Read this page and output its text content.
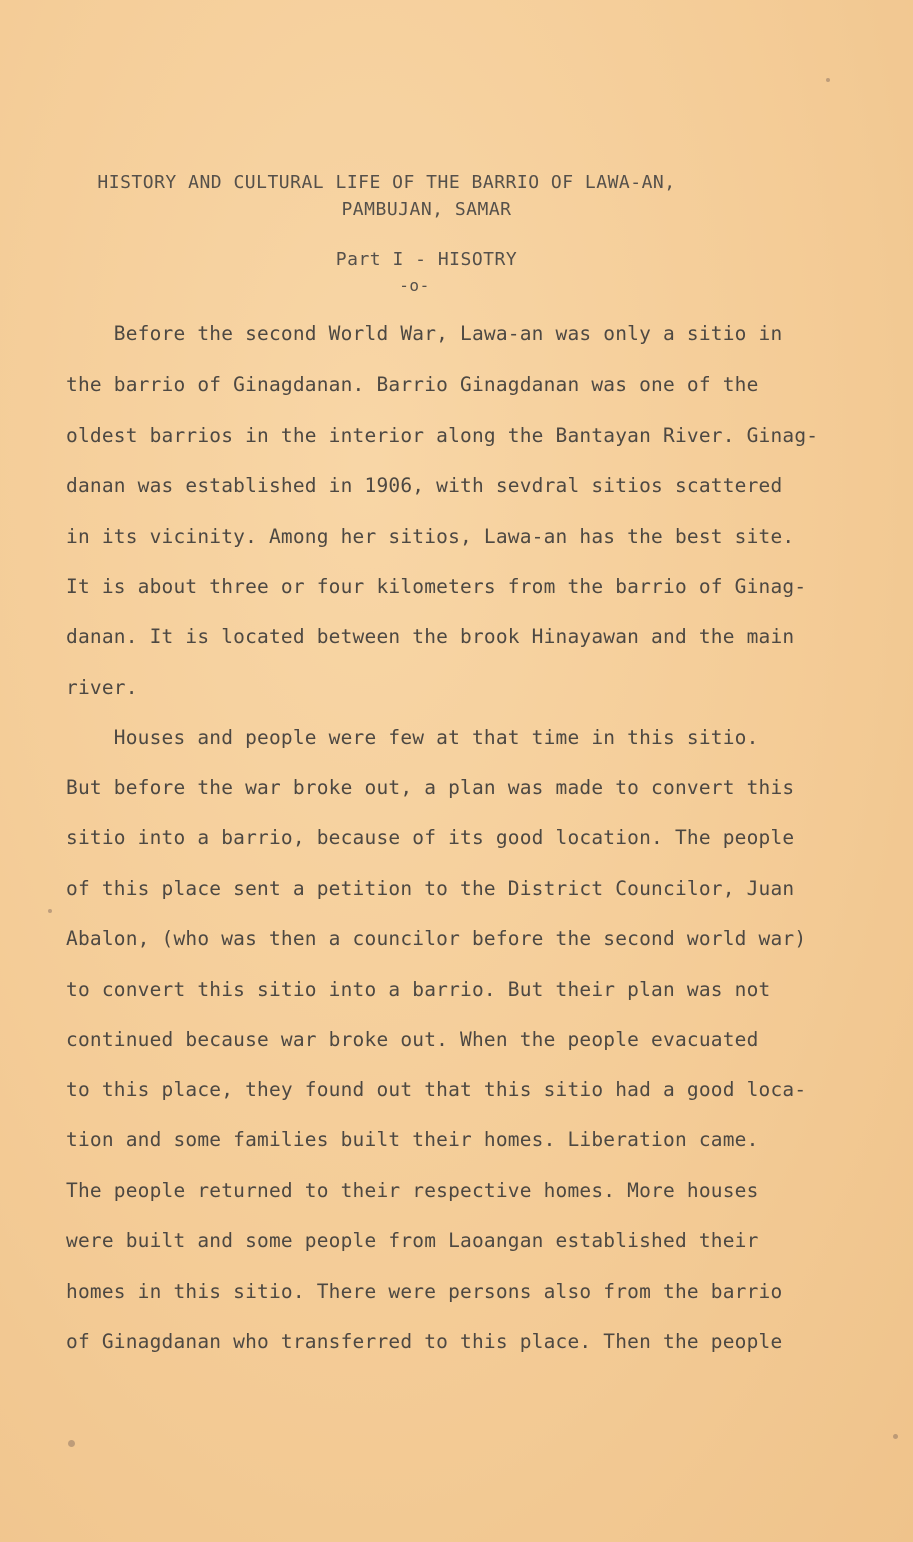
HISTORY AND CULTURAL LIFE OF THE BARRIO OF LAWA-AN,
PAMBUJAN, SAMAR
Part I - HISOTRY
-o-
Before the second World War, Lawa-an was only a sitio in
the barrio of Ginagdanan. Barrio Ginagdanan was one of the
oldest barrios in the interior along the Bantayan River. Ginag-
danan was established in 1906, with sevdral sitios scattered
in its vicinity. Among her sitios, Lawa-an has the best site.
It is about three or four kilometers from the barrio of Ginag-
danan. It is located between the brook Hinayawan and the main
river.
Houses and people were few at that time in this sitio.
But before the war broke out, a plan was made to convert this
sitio into a barrio, because of its good location. The people
of this place sent a petition to the District Councilor, Juan
Abalon, (who was then a councilor before the second world war)
to convert this sitio into a barrio. But their plan was not
continued because war broke out. When the people evacuated
to this place, they found out that this sitio had a good loca-
tion and some families built their homes. Liberation came.
The people returned to their respective homes. More houses
were built and some people from Laoangan established their
homes in this sitio. There were persons also from the barrio
of Ginagdanan who transferred to this place. Then the people
